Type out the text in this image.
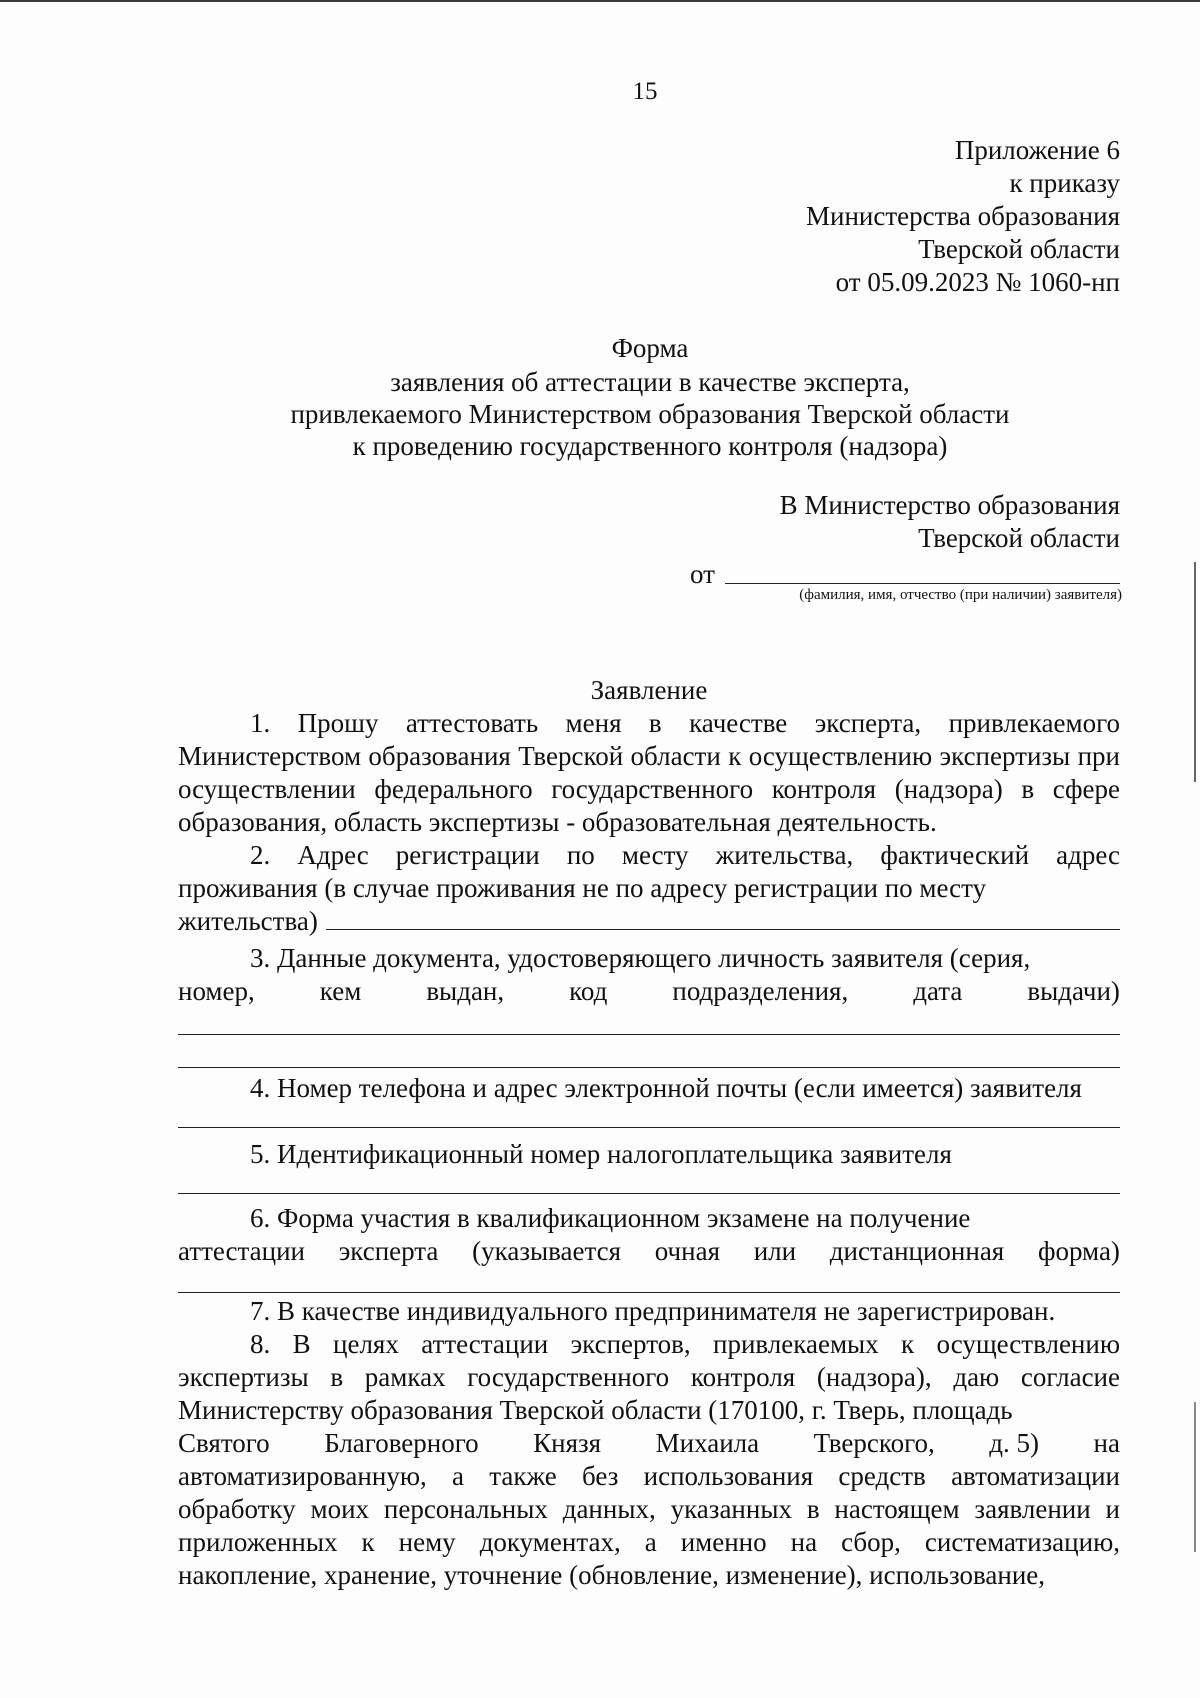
15
Приложение 6
к приказу
Министерства образования
Тверской области
от 05.09.2023 № 1060-нп
Форма
заявления об аттестации в качестве эксперта,
привлекаемого Министерством образования Тверской области
к проведению государственного контроля (надзора)
В Министерство образования
Тверской области
от
(фамилия, имя, отчество (при наличии) заявителя)
Заявление

1. Прошу аттестовать меня в качестве эксперта, привлекаемого Министерством образования Тверской области к осуществлению экспертизы при осуществлении федерального государственного контроля (надзора) в сфере образования, область экспертизы - образовательная деятельность.

2. Адрес регистрации по месту жительства, фактический адрес проживания (в случае проживания не по адресу регистрации по месту

жительства)

3. Данные документа, удостоверяющего личность заявителя (серия,

номер, кем выдан, код подразделения, дата выдачи)

4. Номер телефона и адрес электронной почты (если имеется) заявителя

5. Идентификационный номер налогоплательщика заявителя

6. Форма участия в квалификационном экзамене на получение

аттестации эксперта (указывается очная или дистанционная форма)

7. В качестве индивидуального предпринимателя не зарегистрирован.

8. В целях аттестации экспертов, привлекаемых к осуществлению экспертизы в рамках государственного контроля (надзора), даю согласие Министерству образования Тверской области (170100, г. Тверь, площадь

Святого Благоверного Князя Михаила Тверского, д. 5) на

автоматизированную, а также без использования средств автоматизации обработку моих персональных данных, указанных в настоящем заявлении и приложенных к нему документах, а именно на сбор, систематизацию, накопление, хранение, уточнение (обновление, изменение), использование,
